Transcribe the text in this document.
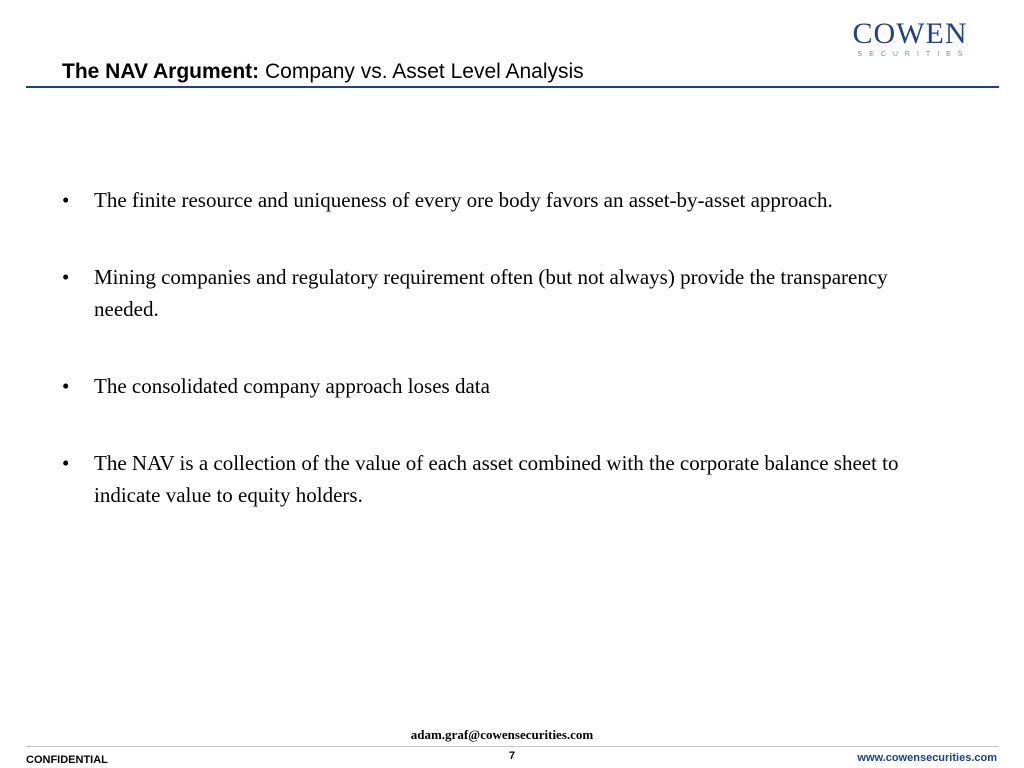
COWEN
SECURITIES
The NAV Argument: Company vs. Asset Level Analysis
•	The finite resource and uniqueness of every ore body favors an asset-by-asset approach.
•	Mining companies and regulatory requirement often (but not always) provide the transparency needed.
•	The consolidated company approach loses data
•	The NAV is a collection of the value of each asset combined with the corporate balance sheet to indicate value to equity holders.
adam.graf@cowensecurities.com
CONFIDENTIAL	7	www.cowensecurities.com
